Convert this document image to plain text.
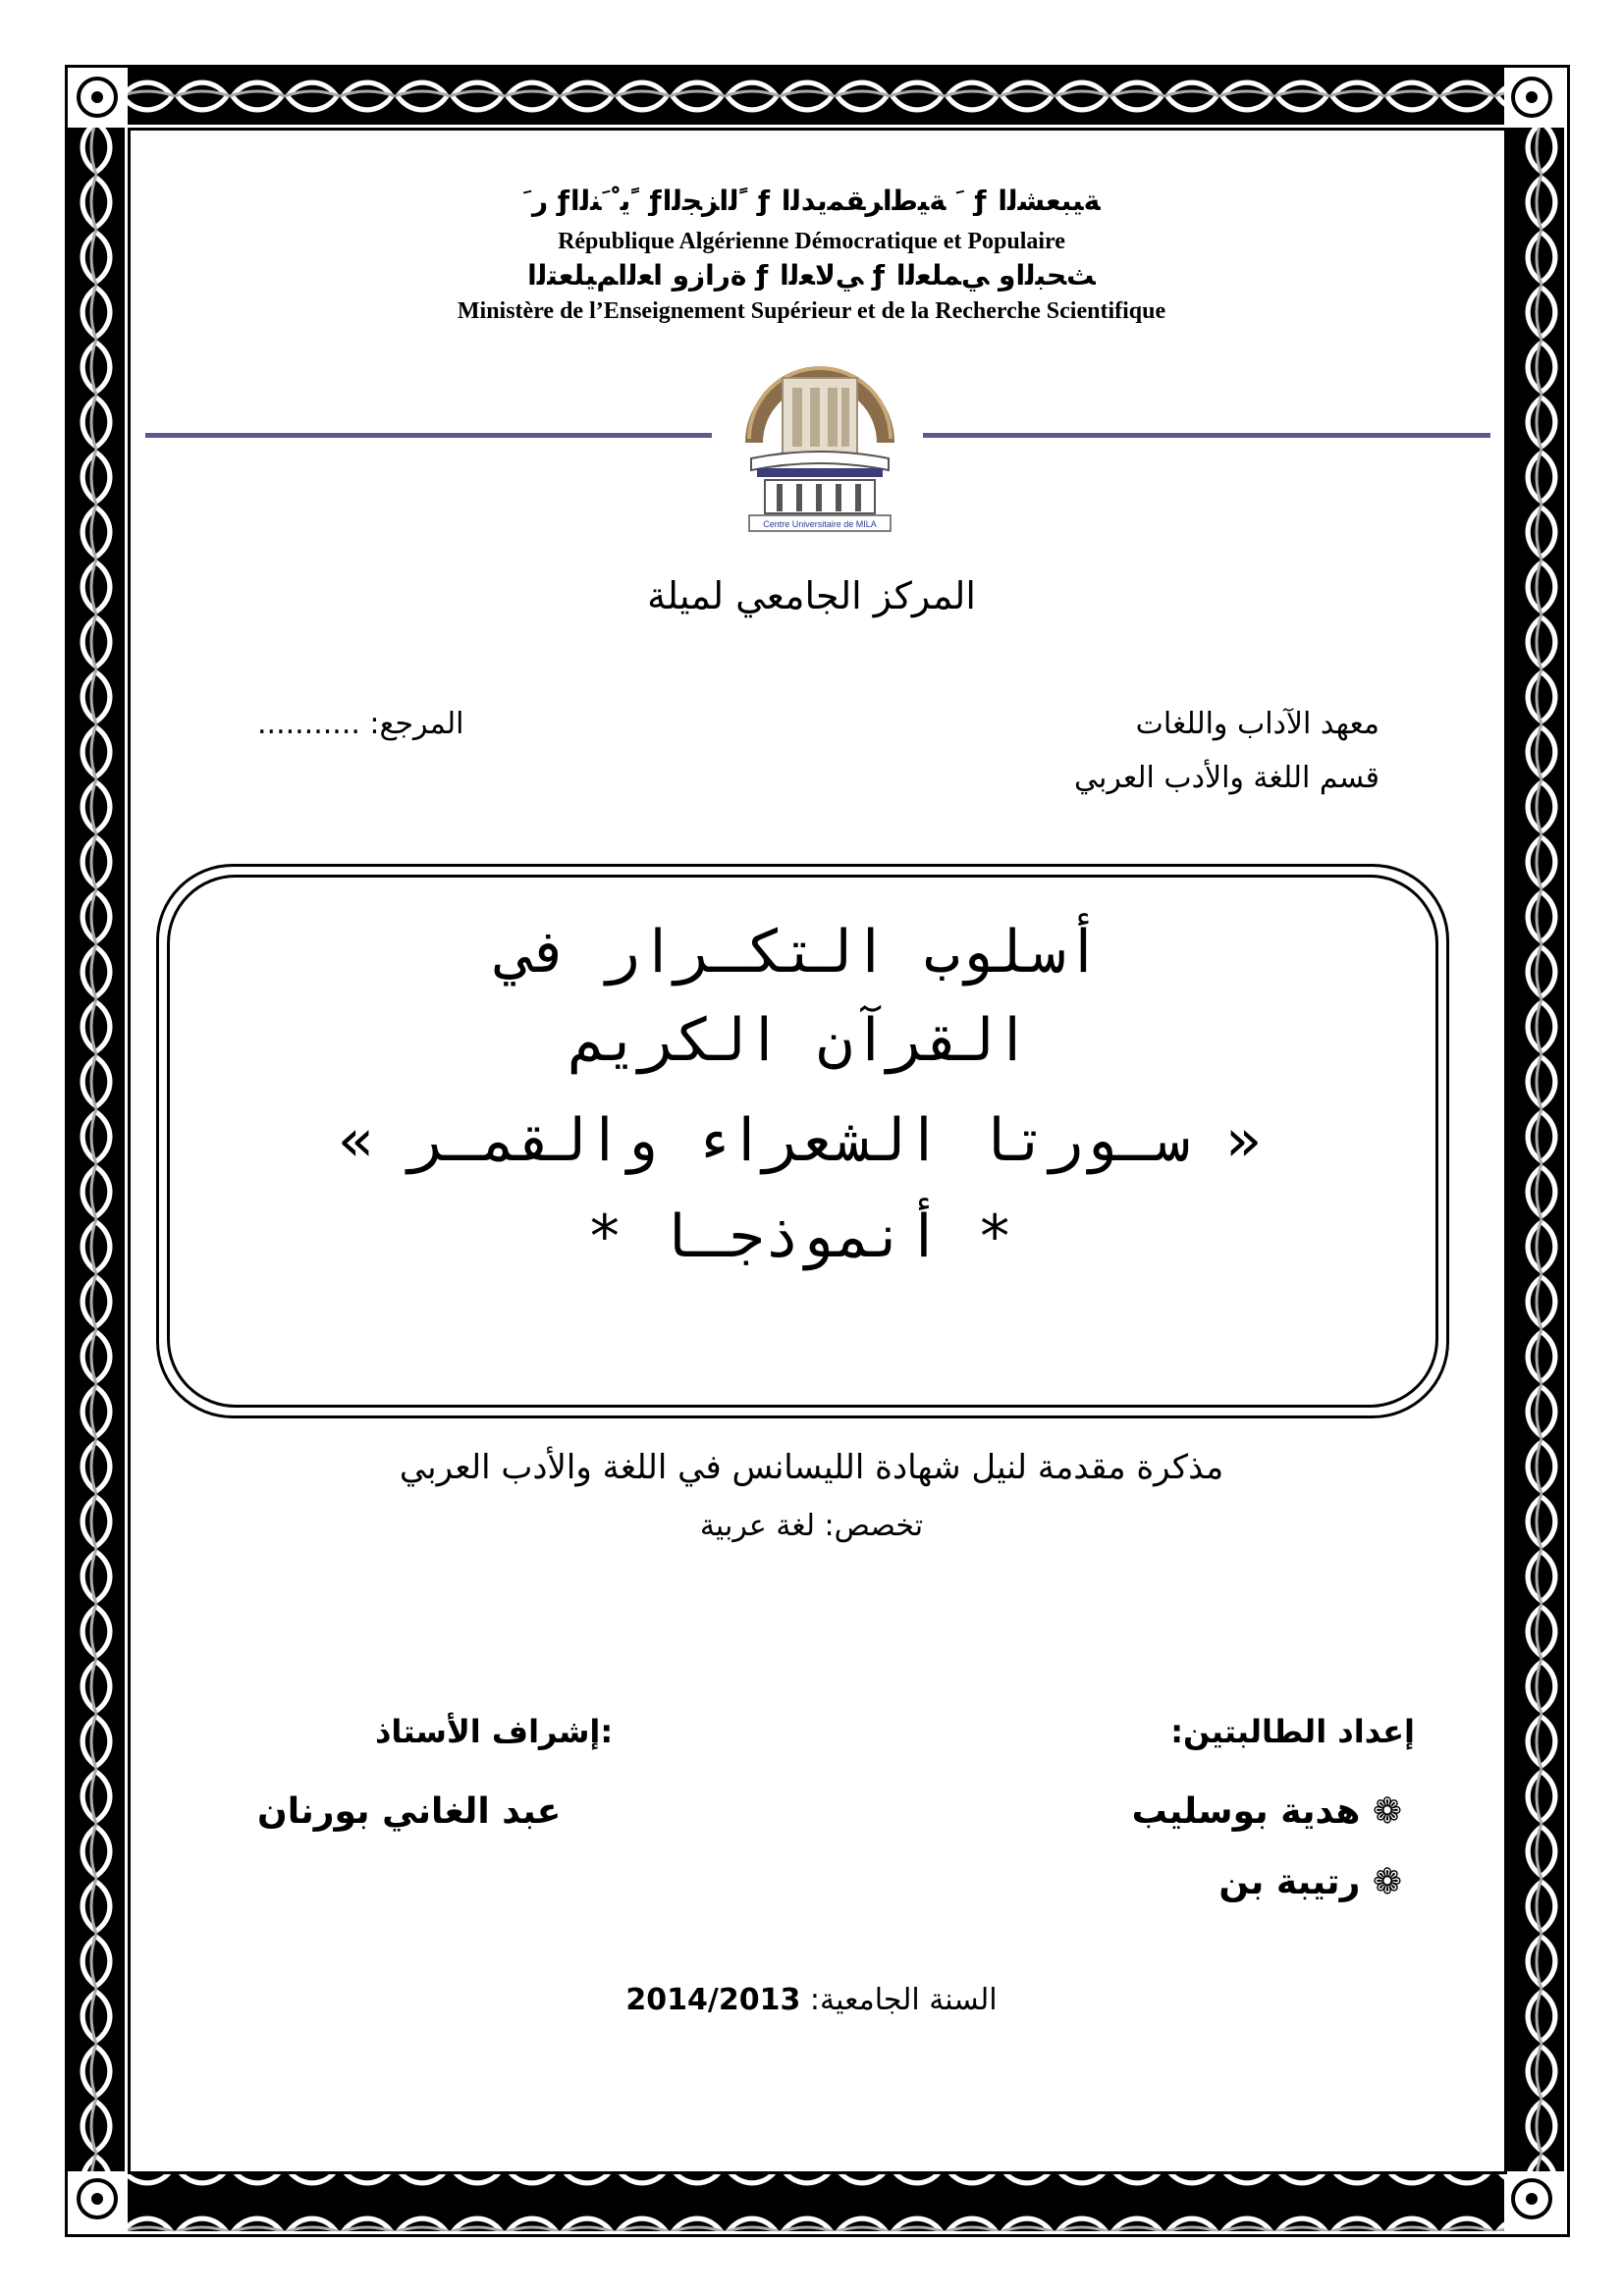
ﺭﹶ ƒﹰﻳﹾﹶﻨﻟﺍ ƒﹰﻟﺍﺰﺠﻟﺍ ƒ ﹶ ﺔﻴﻃﺍﺮﻘﻤﻳﺪﻟﺍ ƒ ﺔﻴﺒﻌﺸﻟﺍ
République Algérienne Démocratique et Populaire
ﺓﺭﺍﺯﻭ ﺍﻌﻟﺍﻢﻴﻠﻌﺘﻟﺍ ƒ ﻲﻟﺎﻌﻟﺍ ƒ ﺚﺤﺒﻟﺍﻭ ﻲﻤﻠﻌﻟﺍ
Ministère de l’Enseignement Supérieur et de la Recherche Scientifique
Centre Universitaire de MILA
المركز الجامعي لميلة
معهد الآداب واللغات
قسم اللغة والأدب العربي
المرجع: ...........
أسلوب التكـرار في
القرآن الكريم
« سـورتا الشعراء والقمـر »
* أنموذجـا *
مذكرة مقدمة لنيل شهادة الليسانس في اللغة والأدب العربي
تخصص: لغة عربية
ﺇﺷﺮﺍﻑ ﺍﻷﺳﺘﺎﺫ:
ﻋﺒﺪ ﺍﻟﻐﺎﻧﻲ ﺑﻮﺭﻧﺎﻥ
ﺇﻋﺪﺍﺩ ﺍﻟﻄﺎﻟﺒﺘﻴﻦ:
❁ ﻫﺪﻳﺔ ﺑﻮﺳﻠﻴﺐ
❁ ﺭﺗﻴﺒﺔ ﺑﻦ
السنة الجامعية: 2014/2013
